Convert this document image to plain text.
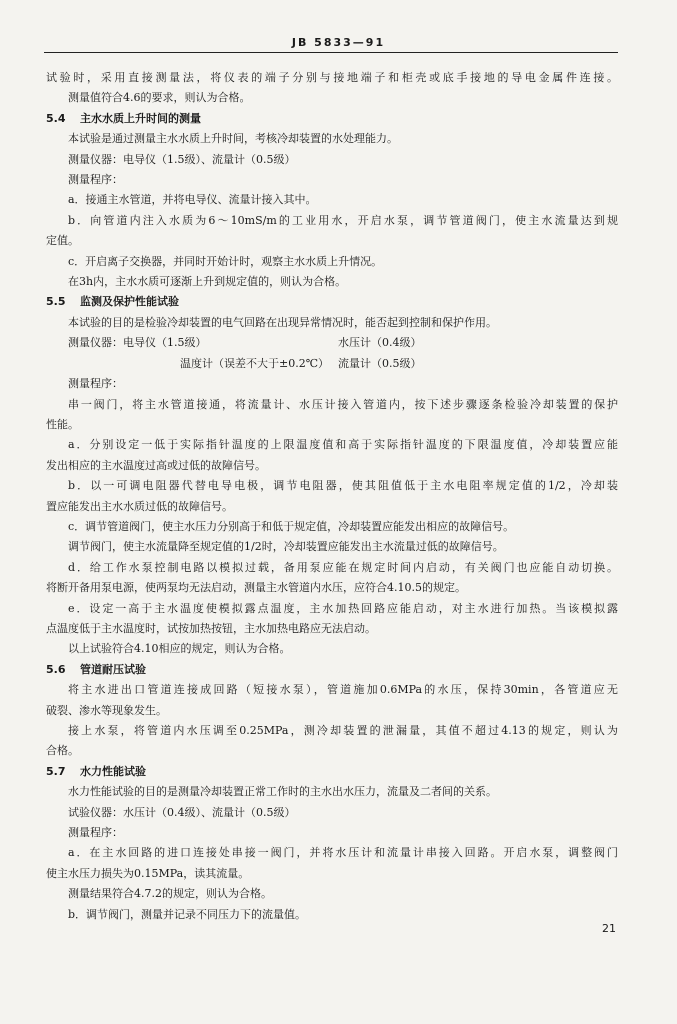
JB 5833—91
试验时，采用直接测量法，将仪表的端子分别与接地端子和柜壳或底手接地的导电金属件连接。
测量值符合4.6的要求，则认为合格。
5.4 主水水质上升时间的测量
本试验是通过测量主水水质上升时间，考核冷却装置的水处理能力。
测量仪器：电导仪（1.5级）、流量计（0.5级）
测量程序：
a．接通主水管道，并将电导仪、流量计接入其中。
b．向管道内注入水质为6～10mS/m的工业用水，开启水泵，调节管道阀门，使主水流量达到规
定值。
c．开启离子交换器，并同时开始计时，观察主水水质上升情况。
在3h内，主水水质可逐渐上升到规定值的，则认为合格。
5.5 监测及保护性能试验
本试验的目的是检验冷却装置的电气回路在出现异常情况时，能否起到控制和保护作用。
测量仪器：电导仪（1.5级）	水压计（0.4级）
温度计（误差不大于±0.2℃） 流量计（0.5级）
测量程序：
串一阀门，将主水管道接通，将流量计、水压计接入管道内，按下述步骤逐条检验冷却装置的保护
性能。
a．分别设定一低于实际指针温度的上限温度值和高于实际指针温度的下限温度值，冷却装置应能
发出相应的主水温度过高或过低的故障信号。
b．以一可调电阻器代替电导电极，调节电阻器，使其阻值低于主水电阻率规定值的1/2，冷却装
置应能发出主水水质过低的故障信号。
c．调节管道阀门，使主水压力分别高于和低于规定值，冷却装置应能发出相应的故障信号。
调节阀门，使主水流量降至规定值的1/2时，冷却装置应能发出主水流量过低的故障信号。
d．给工作水泵控制电路以模拟过载，备用泵应能在规定时间内启动，有关阀门也应能自动切换。
将断开备用泵电源，使两泵均无法启动，测量主水管道内水压，应符合4.10.5的规定。
e．设定一高于主水温度使模拟露点温度，主水加热回路应能启动，对主水进行加热。当该模拟露
点温度低于主水温度时，试按加热按钮，主水加热电路应无法启动。
以上试验符合4.10相应的规定，则认为合格。
5.6 管道耐压试验
将主水进出口管道连接成回路（短接水泵），管道施加0.6MPa的水压，保持30min，各管道应无
破裂、渗水等现象发生。
接上水泵，将管道内水压调至0.25MPa，测冷却装置的泄漏量，其值不超过4.13的规定，则认为
合格。
5.7 水力性能试验
水力性能试验的目的是测量冷却装置正常工作时的主水出水压力，流量及二者间的关系。
试验仪器：水压计（0.4级）、流量计（0.5级）
测量程序：
a．在主水回路的进口连接处串接一阀门，并将水压计和流量计串接入回路。开启水泵，调整阀门
使主水压力损失为0.15MPa，读其流量。
测量结果符合4.7.2的规定，则认为合格。
b．调节阀门，测量并记录不同压力下的流量值。
21
